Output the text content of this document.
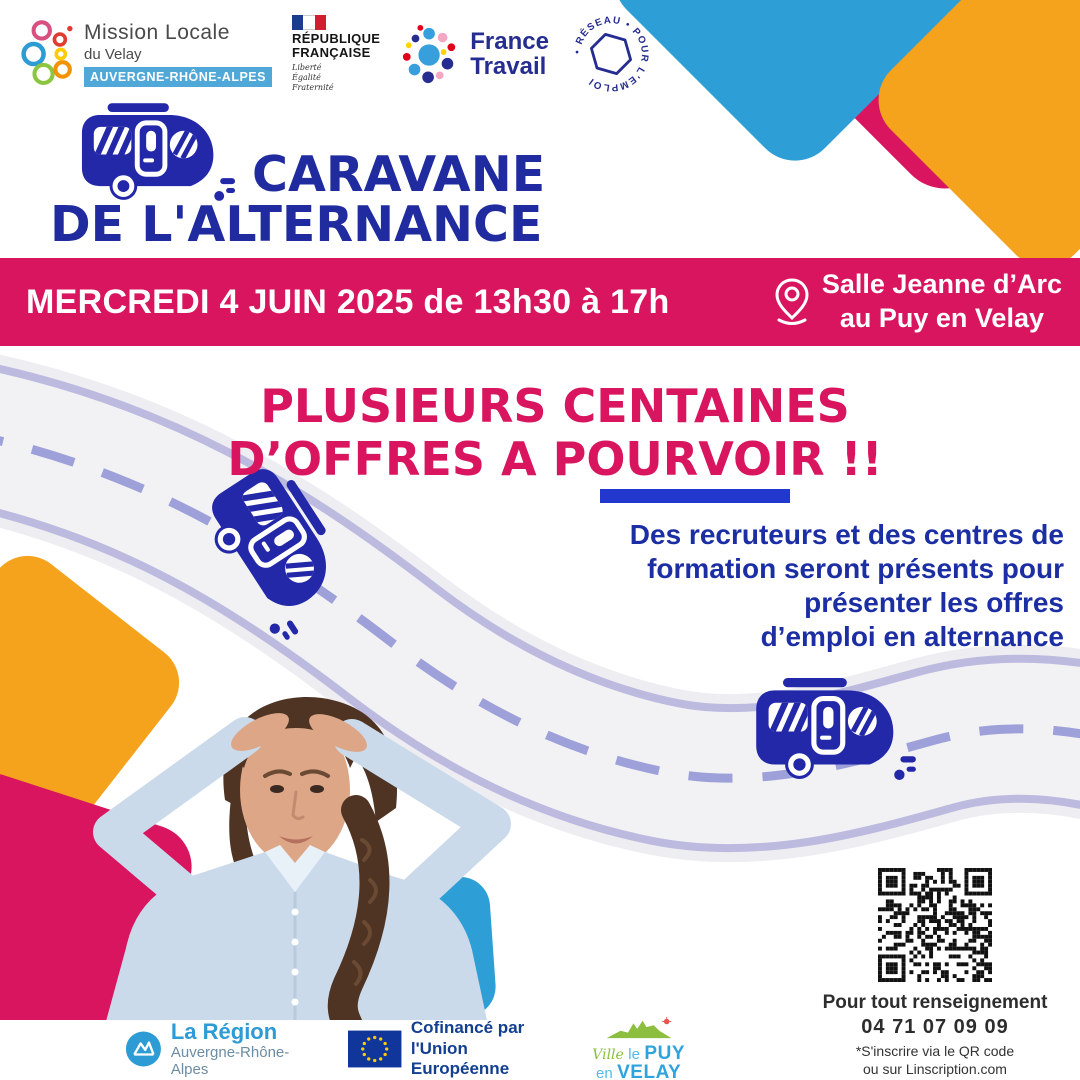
Mission Locale
du Velay
AUVERGNE-RHÔNE-ALPES
RÉPUBLIQUE
FRANÇAISE
Liberté
Égalité
Fraternité
France
Travail
• RÉSEAU • POUR L'EMPLOI
CARAVANE
DE L'ALTERNANCE
MERCREDI 4 JUIN 2025 de 13h30 à 17h	Salle Jeanne d’Arc
au Puy en Velay
PLUSIEURS CENTAINES
D’OFFRES A POURVOIR !!
Des recruteurs et des centres de
formation seront présents pour
présenter les offres
d’emploi en alternance
Pour tout renseignement
04 71 07 09 09
*S'inscrire via le QR code
ou sur Linscription.com
La Région
Auvergne-Rhône-Alpes
Cofinancé par
l'Union Européenne
Ville le PUY
en VELAY
